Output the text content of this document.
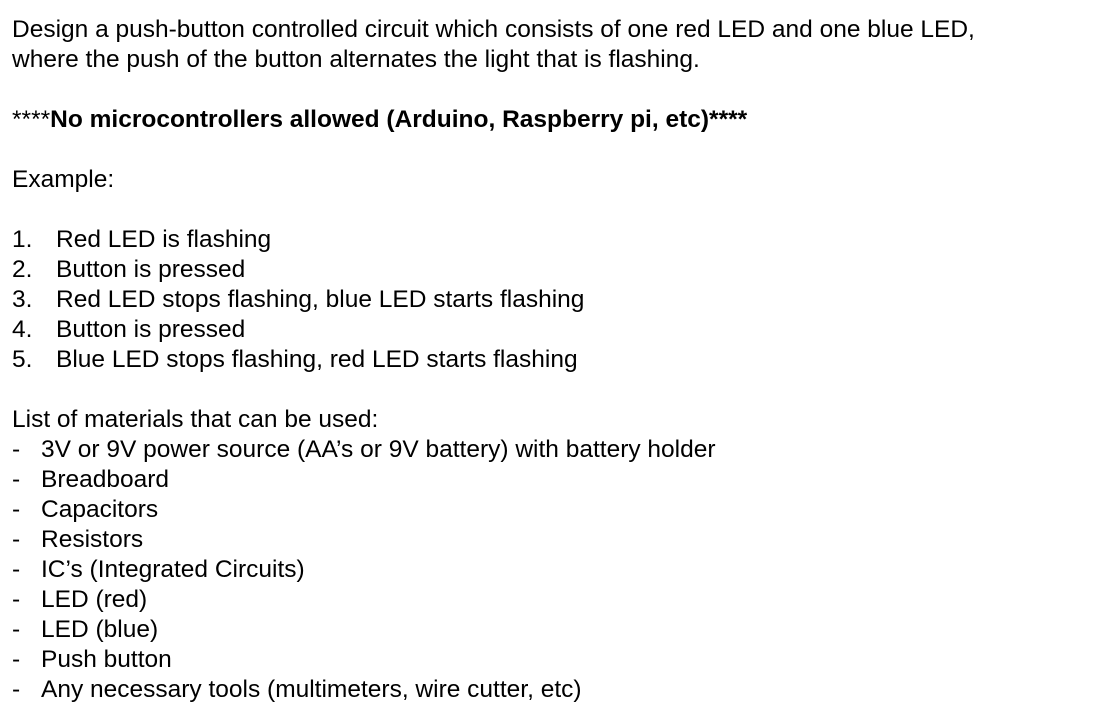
Design a push-button controlled circuit which consists of one red LED and one blue LED,

where the push of the button alternates the light that is flashing.

****No microcontrollers allowed (Arduino, Raspberry pi, etc)****

Example:

1. Red LED is flashing
2. Button is pressed
3. Red LED stops flashing, blue LED starts flashing
4. Button is pressed
5. Blue LED stops flashing, red LED starts flashing

List of materials that can be used:

- 3V or 9V power source (AA’s or 9V battery) with battery holder
- Breadboard
- Capacitors
- Resistors
- IC’s (Integrated Circuits)
- LED (red)
- LED (blue)
- Push button
- Any necessary tools (multimeters, wire cutter, etc)
